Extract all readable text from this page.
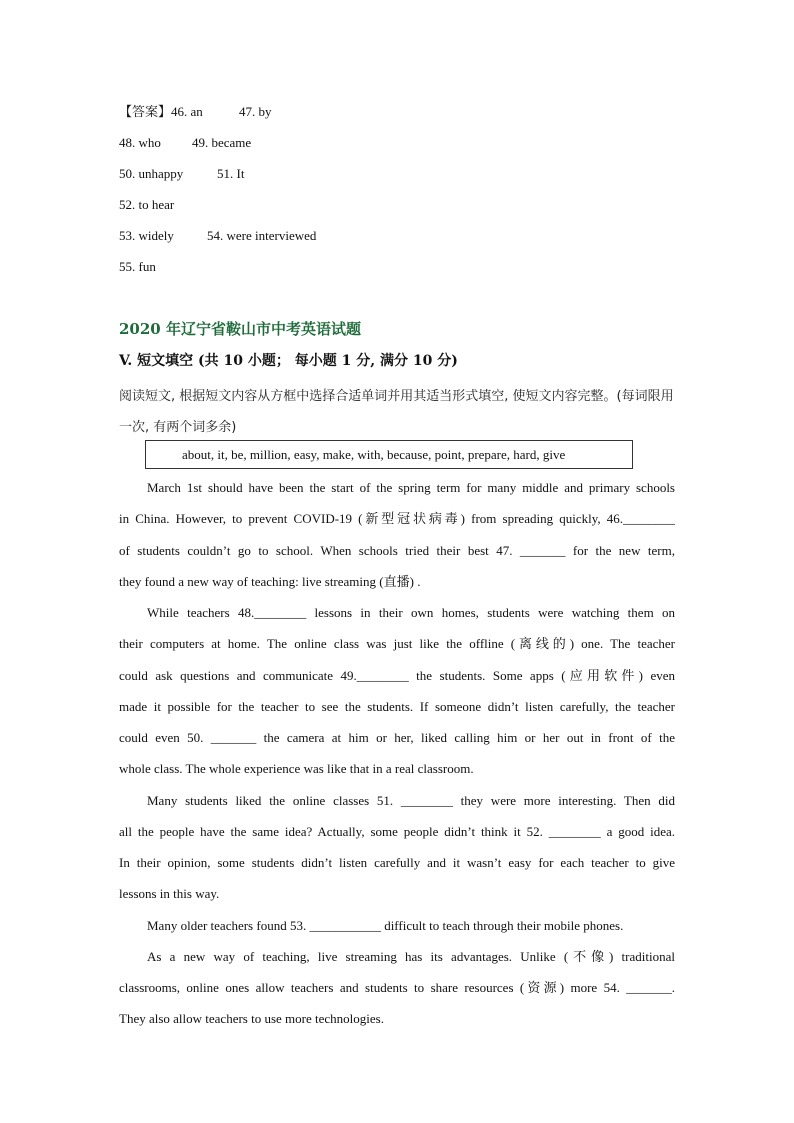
【答案】46. an	47. by
48. who 49. became
50. unhappy	51. It
52. to hear
53. widely	54. were interviewed
55. fun
2020 年辽宁省鞍山市中考英语试题
V. 短文填空 (共 10 小题； 每小题 1 分, 满分 10 分)
阅读短文, 根据短文内容从方框中选择合适单词并用其适当形式填空, 使短文内容完整。(每词限用一次, 有两个词多余)
about, it, be, million, easy, make, with, because, point, prepare, hard, give
March 1st should have been the start of the spring term for many middle and primary schools
in China. However, to prevent COVID-19 (新型冠状病毒) from spreading quickly, 46.________
of students couldn’t go to school. When schools tried their best 47. _______ for the new term,
they found a new way of teaching: live streaming (直播) .
While teachers 48.________ lessons in their own homes, students were watching them on
their computers at home. The online class was just like the offline (离线的) one. The teacher
could ask questions and communicate 49.________ the students. Some apps (应用软件) even
made it possible for the teacher to see the students. If someone didn’t listen carefully, the teacher
could even 50. _______ the camera at him or her, liked calling him or her out in front of the
whole class. The whole experience was like that in a real classroom.
Many students liked the online classes 51. ________ they were more interesting. Then did
all the people have the same idea? Actually, some people didn’t think it 52. ________ a good idea.
In their opinion, some students didn’t listen carefully and it wasn’t easy for each teacher to give
lessons in this way.
Many older teachers found 53. ___________ difficult to teach through their mobile phones.
As a new way of teaching, live streaming has its advantages. Unlike (不像) traditional
classrooms, online ones allow teachers and students to share resources (资源) more 54. _______.
They also allow teachers to use more technologies.
